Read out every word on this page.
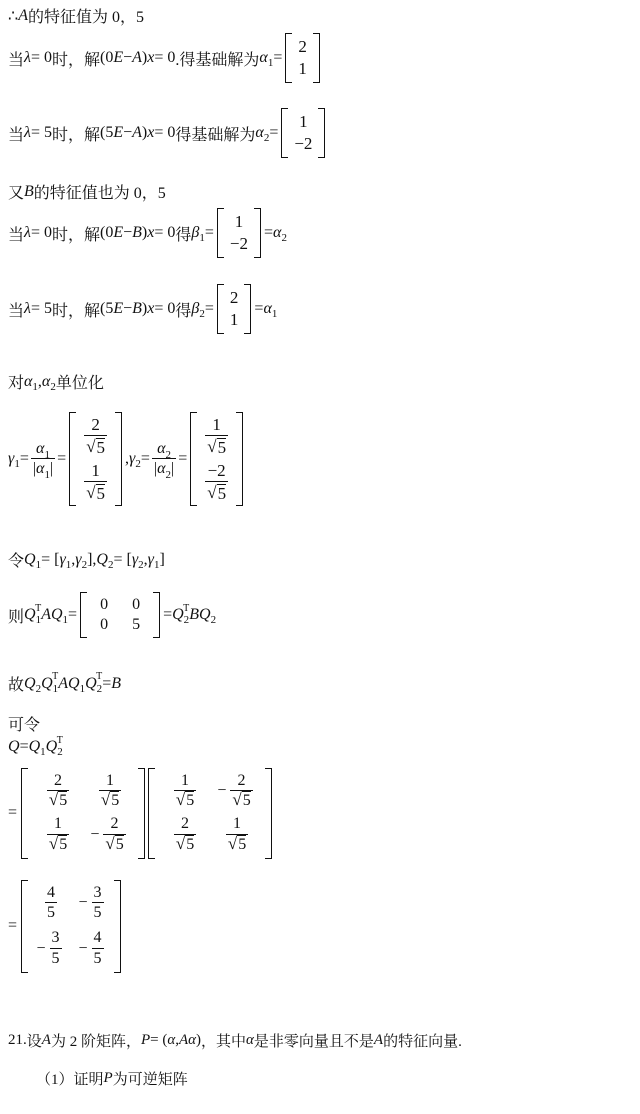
∴ A 的特征值为 0，5
当 λ = 0 时，解 (0 E − A ) x = 0 .得基础解为 α 1 =
2
1
当 λ = 5 时，解 (5 E − A ) x = 0 得基础解为 α 2 =
1
−2
又 B 的特征值也为 0，5
当 λ = 0 时，解 (0 E − B ) x = 0 得 β 1 =
1
−2
= α 2
当 λ = 5 时，解 (5 E − B ) x = 0 得 β 2 =
2
1
= α 1
对 α 1 , α 2 单位化
γ $1 = \frac{\alpha_1}{|\alpha_1|}$ =
$\frac{2}{√ 5}$
$\frac{1}{√ 5}$
, γ $2 = \frac{\alpha_2}{|\alpha_2|}$ =
$\frac{1}{√ 5}$
$\frac{-2}{√ 5}$
令 Q 1 = [ γ 1 , γ 2 ], Q 2 = [ γ 2 , γ 1 ]
则 Q 1
T A Q 1 =
0 0
0 5
= Q 2
T B Q 2
故 Q 2 Q 1
T A Q 1 Q 2
T = B
可令
Q = Q 1 Q 2
T
=
$\frac{2}{√ 5} \frac{1}{√ 5}$
$\frac{1}{√ 5} - \frac{2}{√ 5}$
$\frac{1}{√ 5} - \frac{2}{√ 5}$
$\frac{2}{√ 5} \frac{1}{√ 5}$
=
$\frac{4}{5} - \frac{3}{5}$
− $\frac{3}{5} - \frac{4}{5}$
21. 设 A 为 2 阶矩阵， P = ( α , A α ) ，其中 α 是非零向量且不是 A 的特征向量.
（1）证明 P 为可逆矩阵
